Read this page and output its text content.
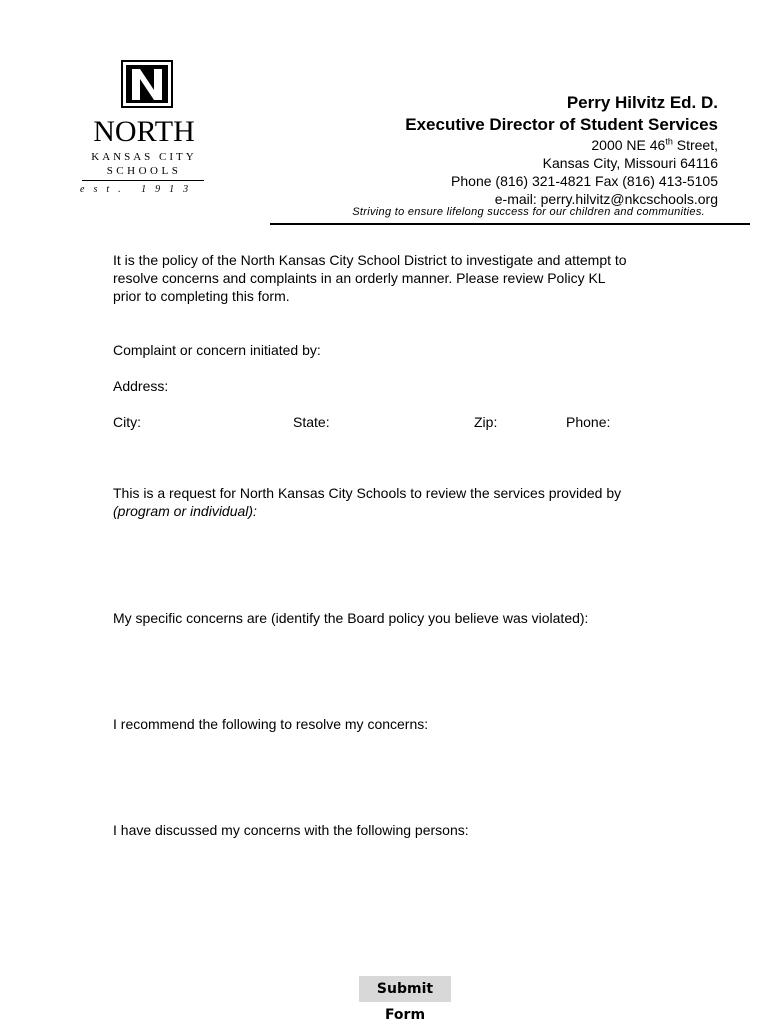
NORTH
KANSAS CITY
SCHOOLS
est. 1913
Perry Hilvitz Ed. D.
Executive Director of Student Services
2000 NE 46th Street,
Kansas City, Missouri 64116
Phone (816) 321-4821 Fax (816) 413-5105
e-mail: perry.hilvitz@nkcschools.org
Striving to ensure lifelong success for our children and communities.
It is the policy of the North Kansas City School District to investigate and attempt to resolve concerns and complaints in an orderly manner. Please review Policy KL prior to completing this form.
Complaint or concern initiated by:
Address:
City:	State:	Zip:	Phone:
This is a request for North Kansas City Schools to review the services provided by (program or individual):
My specific concerns are (identify the Board policy you believe was violated):
I recommend the following to resolve my concerns:
I have discussed my concerns with the following persons:
Submit Form
